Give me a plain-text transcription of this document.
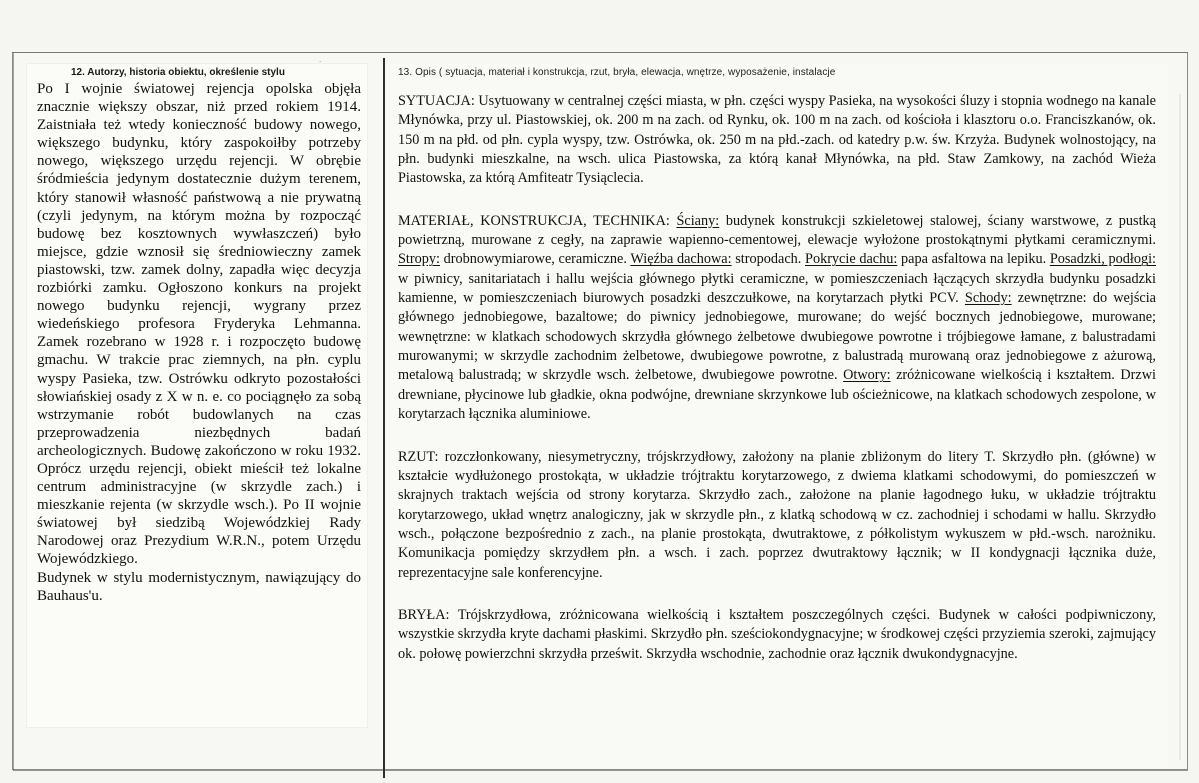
·
12. Autorzy, historia obiektu, określenie stylu	13. Opis ( sytuacja, materiał i konstrukcja, rzut, bryła, elewacja, wnętrze, wyposażenie, instalacje

Po I wojnie światowej rejencja opolska objęła znacznie większy obszar, niż przed rokiem 1914. Zaistniała też wtedy konieczność budowy nowego, większego budynku, który zaspokoiłby potrzeby nowego, większego urzędu rejencji. W obrębie śródmieścia jedynym dostatecznie dużym terenem, który stanowił własność państwową a nie prywatną (czyli jedynym, na którym można by rozpocząć budowę bez kosztownych wywłaszczeń) było miejsce, gdzie wznosił się średniowieczny zamek piastowski, tzw. zamek dolny, zapadła więc decyzja rozbiórki zamku. Ogłoszono konkurs na projekt nowego budynku rejencji, wygrany przez wiedeńskiego profesora Fryderyka Lehmanna. Zamek rozebrano w 1928 r. i rozpoczęto budowę gmachu. W trakcie prac ziemnych, na płn. cyplu wyspy Pasieka, tzw. Ostrówku odkryto pozostałości słowiańskiej osady z X w n. e. co pociągnęło za sobą wstrzymanie robót budowlanych na czas przeprowadzenia niezbędnych badań archeologicznych. Budowę zakończono w roku 1932. Oprócz urzędu rejencji, obiekt mieścił też lokalne centrum administracyjne (w skrzydle zach.) i mieszkanie rejenta (w skrzydle wsch.). Po II wojnie światowej był siedzibą Wojewódzkiej Rady Narodowej oraz Prezydium W.R.N., potem Urzędu Wojewódzkiego.

Budynek w stylu modernistycznym, nawiązujący do Bauhaus'u.

SYTUACJA: Usytuowany w centralnej części miasta, w płn. części wyspy Pasieka, na wysokości śluzy i stopnia wodnego na kanale Młynówka, przy ul. Piastowskiej, ok. 200 m na zach. od Rynku, ok. 100 m na zach. od kościoła i klasztoru o.o. Franciszkanów, ok. 150 m na płd. od płn. cypla wyspy, tzw. Ostrówka, ok. 250 m na płd.-zach. od katedry p.w. św. Krzyża. Budynek wolnostojący, na płn. budynki mieszkalne, na wsch. ulica Piastowska, za którą kanał Młynówka, na płd. Staw Zamkowy, na zachód Wieża Piastowska, za którą Amfiteatr Tysiąclecia.

MATERIAŁ, KONSTRUKCJA, TECHNIKA: Ściany: budynek konstrukcji szkieletowej stalowej, ściany warstwowe, z pustką powietrzną, murowane z cegły, na zaprawie wapienno-cementowej, elewacje wyłożone prostokątnymi płytkami ceramicznymi. Stropy: drobnowymiarowe, ceramiczne. Więźba dachowa: stropodach. Pokrycie dachu: papa asfaltowa na lepiku. Posadzki, podłogi: w piwnicy, sanitariatach i hallu wejścia głównego płytki ceramiczne, w pomieszczeniach łączących skrzydła budynku posadzki kamienne, w pomieszczeniach biurowych posadzki deszczułkowe, na korytarzach płytki PCV. Schody: zewnętrzne: do wejścia głównego jednobiegowe, bazaltowe; do piwnicy jednobiegowe, murowane; do wejść bocznych jednobiegowe, murowane; wewnętrzne: w klatkach schodowych skrzydła głównego żelbetowe dwubiegowe powrotne i trójbiegowe łamane, z balustradami murowanymi; w skrzydle zachodnim żelbetowe, dwubiegowe powrotne, z balustradą murowaną oraz jednobiegowe z ażurową, metalową balustradą; w skrzydle wsch. żelbetowe, dwubiegowe powrotne. Otwory: zróżnicowane wielkością i kształtem. Drzwi drewniane, płycinowe lub gładkie, okna podwójne, drewniane skrzynkowe lub ościeżnicowe, na klatkach schodowych zespolone, w korytarzach łącznika aluminiowe.

RZUT: rozczłonkowany, niesymetryczny, trójskrzydłowy, założony na planie zbliżonym do litery T. Skrzydło płn. (główne) w kształcie wydłużonego prostokąta, w układzie trójtraktu korytarzowego, z dwiema klatkami schodowymi, do pomieszczeń w skrajnych traktach wejścia od strony korytarza. Skrzydło zach., założone na planie łagodnego łuku, w układzie trójtraktu korytarzowego, układ wnętrz analogiczny, jak w skrzydle płn., z klatką schodową w cz. zachodniej i schodami w hallu. Skrzydło wsch., połączone bezpośrednio z zach., na planie prostokąta, dwutraktowe, z półkolistym wykuszem w płd.-wsch. narożniku. Komunikacja pomiędzy skrzydłem płn. a wsch. i zach. poprzez dwutraktowy łącznik; w II kondygnacji łącznika duże, reprezentacyjne sale konferencyjne.

BRYŁA: Trójskrzydłowa, zróżnicowana wielkością i kształtem poszczególnych części. Budynek w całości podpiwniczony, wszystkie skrzydła kryte dachami płaskimi. Skrzydło płn. sześciokondygnacyjne; w środkowej części przyziemia szeroki, zajmujący ok. połowę powierzchni skrzydła prześwit. Skrzydła wschodnie, zachodnie oraz łącznik dwukondygnacyjne.
